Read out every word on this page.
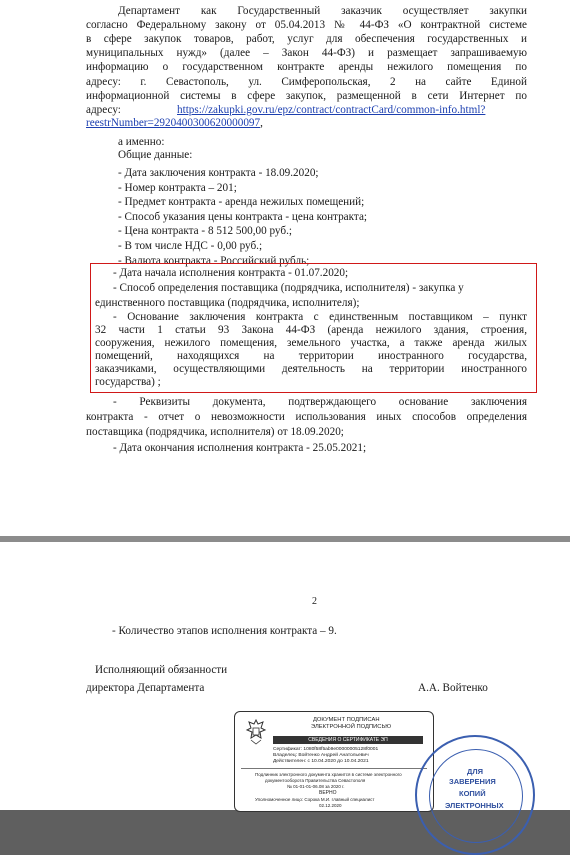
Департамент как Государственный заказчик осуществляет закупки
согласно Федеральному закону от 05.04.2013 № 44-ФЗ «О контрактной системе
в сфере закупок товаров, работ, услуг для обеспечения государственных и
муниципальных нужд» (далее – Закон 44-ФЗ) и размещает запрашиваемую
информацию о государственном контракте аренды нежилого помещения по
адресу: г. Севастополь, ул. Симферопольская, 2 на сайте Единой
информационной системы в сфере закупок, размещенной в сети Интернет по
адресу:	https://zakupki.gov.ru/epz/contract/contractCard/common-info.html?
reestrNumber=2920400300620000097,
а именно:
Общие данные:
- Дата заключения контракта - 18.09.2020;
- Номер контракта – 201;
- Предмет контракта - аренда нежилых помещений;
- Способ указания цены контракта - цена контракта;
- Цена контракта - 8 512 500,00 руб.;
- В том числе НДС - 0,00 руб.;
- Валюта контракта - Российский рубль;
- Дата начала исполнения контракта - 01.07.2020;
- Способ определения поставщика (подрядчика, исполнителя) - закупка у
единственного поставщика (подрядчика, исполнителя);
- Основание заключения контракта с единственным поставщиком – пункт
32 части 1 статьи 93 Закона 44-ФЗ (аренда нежилого здания, строения,
сооружения, нежилого помещения, земельного участка, а также аренда жилых
помещений, находящихся на территории иностранного государства,
заказчиками, осуществляющими деятельность на территории иностранного
государства) ;
- Реквизиты документа, подтверждающего основание заключения
контракта - отчет о невозможности использования иных способов определения
поставщика (подрядчика, исполнителя) от 18.09.2020;
- Дата окончания исполнения контракта - 25.05.2021;
2
- Количество этапов исполнения контракта – 9.
Исполняющий обязанности
директора Департамента	А.А. Войтенко
ДОКУМЕНТ ПОДПИСАН
ЭЛЕКТРОННОЙ ПОДПИСЬЮ
СВЕДЕНИЯ О СЕРТИФИКАТЕ ЭП
Сертификат: 1080f58f5ab9e00000005128f0001
Владелец: Войтенко Андрей Анатольевич
Действителен: с 10.04.2020 до 10.04.2021
Подлинник электронного документа хранится в системе электронного
документооборота Правительства Севастополя
№ 01-01-01-06.08 за 2020 г.
ВЕРНО
Уполномоченное лицо: Сорока М.И. главный специалист
02.12.2020
ДЛЯ
ЗАВЕРЕНИЯ
КОПИЙ
ЭЛЕКТРОННЫХ
